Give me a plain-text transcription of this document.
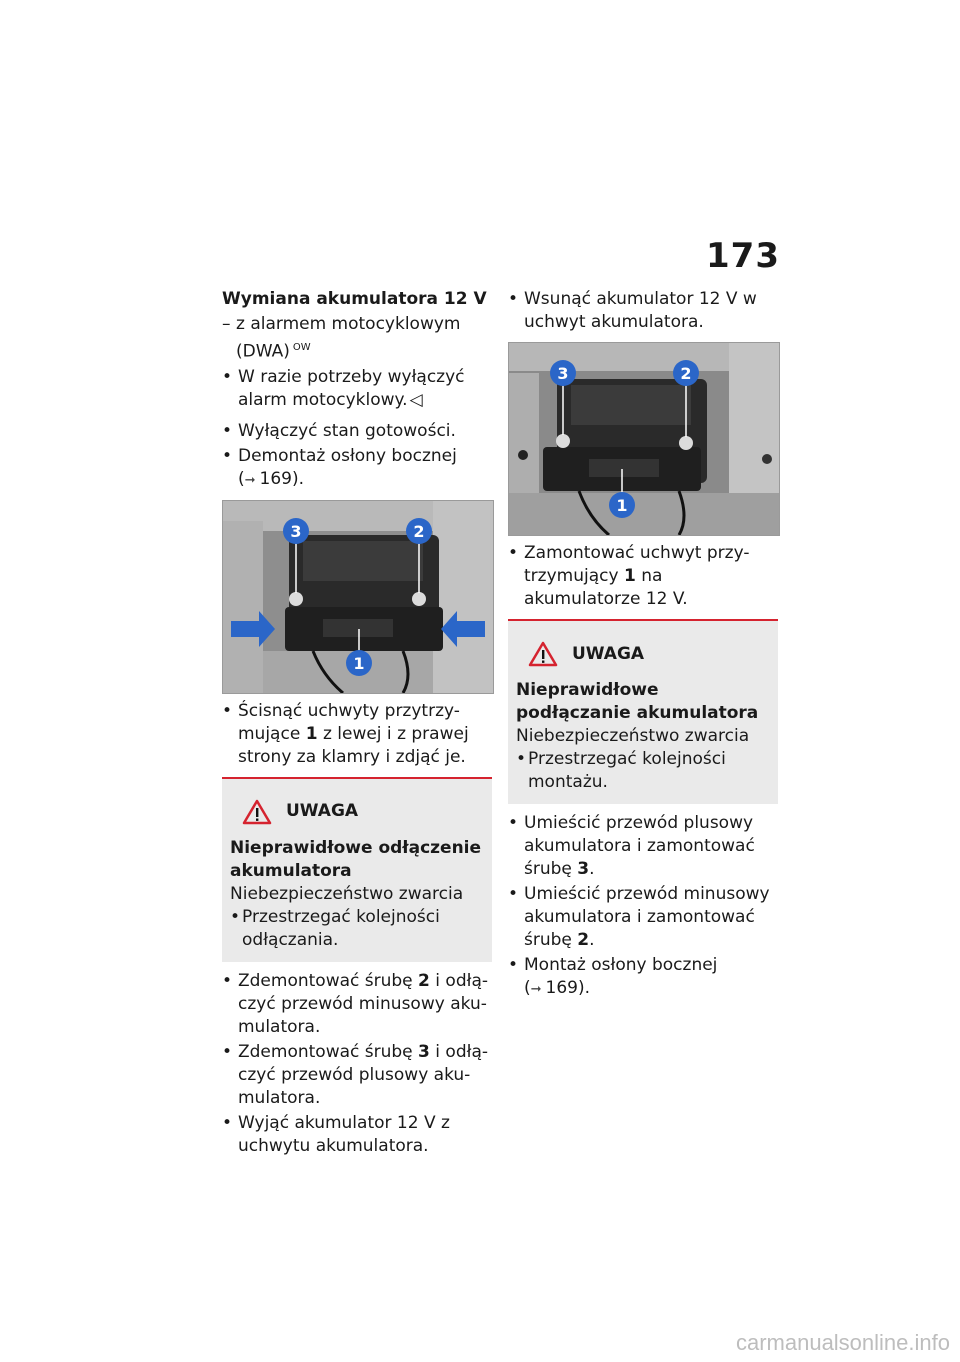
173

Wymiana akumulatora 12 V

– z alarmem motocyklowym (DWA) $^{OW}$
• W razie potrzeby wyłączyć alarm motocyklowy. ◁
• Wyłączyć stan gotowości.
• Demontaż osłony bocznej
(➞ 169).
3	2
1
• Ścisnąć uchwyty przytrzy-mujące 1 z lewej i z prawej strony za klamry i zdjąć je.
UWAGA

Nieprawidłowe odłączenie akumulatora

Niebezpieczeństwo zwarcia

• Przestrzegać kolejności odłączania.
• Zdemontować śrubę 2 i odłą-czyć przewód minusowy aku-mulatora.
• Zdemontować śrubę 3 i odłą-czyć przewód plusowy aku-mulatora.
• Wyjąć akumulator 12 V z uchwytu akumulatora.
• Wsunąć akumulator 12 V w uchwyt akumulatora.
3	2
1
• Zamontować uchwyt przy-trzymujący 1 na akumulatorze 12 V.
UWAGA

Nieprawidłowe podłączanie akumulatora

Niebezpieczeństwo zwarcia

• Przestrzegać kolejności montażu.
• Umieścić przewód plusowy akumulatora i zamontować śrubę 3.
• Umieścić przewód minusowy akumulatora i zamontować śrubę 2.
• Montaż osłony bocznej
(➞ 169).
carmanualsonline.info
